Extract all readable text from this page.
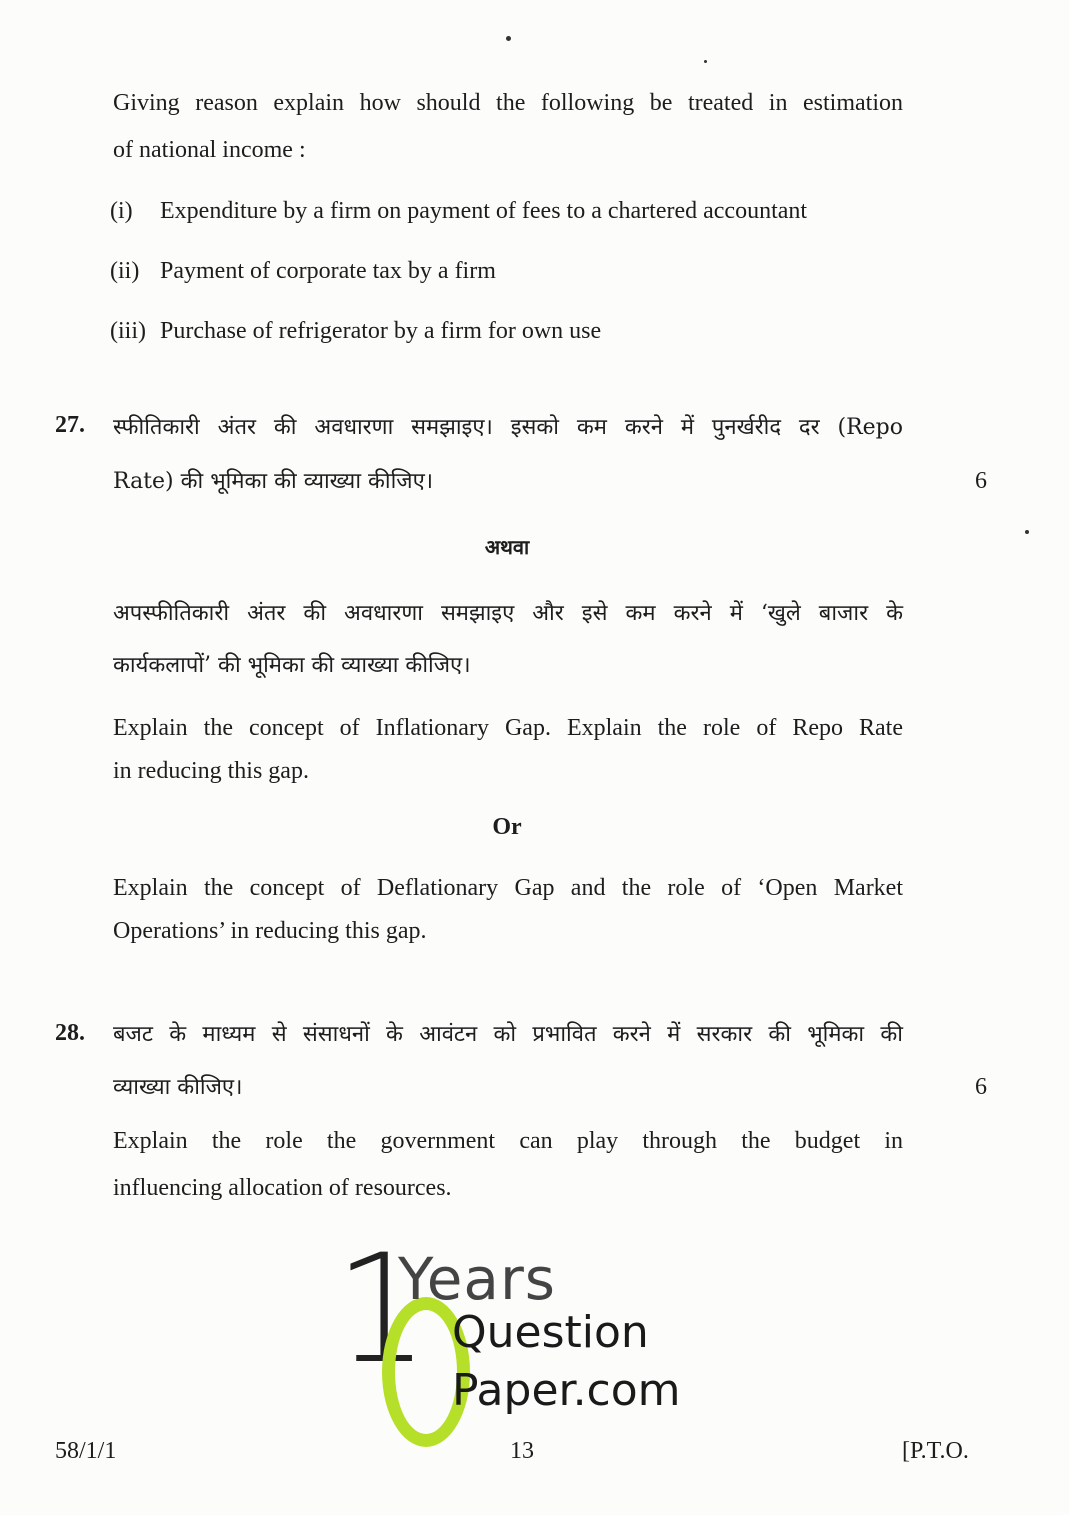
Giving reason explain how should the following be treated in estimation

of national income :

(i) Expenditure by a firm on payment of fees to a chartered accountant
(ii) Payment of corporate tax by a firm
(iii) Purchase of refrigerator by a firm for own use
27. स्फीतिकारी अंतर की अवधारणा समझाइए। इसको कम करने में पुनर्खरीद दर (Repo

Rate) की भूमिका की व्याख्या कीजिए।	6
अथवा

अपस्फीतिकारी अंतर की अवधारणा समझाइए और इसे कम करने में ‘खुले बाजार के

कार्यकलापों’ की भूमिका की व्याख्या कीजिए।

Explain the concept of Inflationary Gap. Explain the role of Repo Rate

in reducing this gap.

Or

Explain the concept of Deflationary Gap and the role of ‘Open Market

Operations’ in reducing this gap.

28. बजट के माध्यम से संसाधनों के आवंटन को प्रभावित करने में सरकार की भूमिका की

व्याख्या कीजिए।	6

Explain the role the government can play through the budget in

influencing allocation of resources.

1
Years
Question
Paper.com
58/1/1	13	[P.T.O.
